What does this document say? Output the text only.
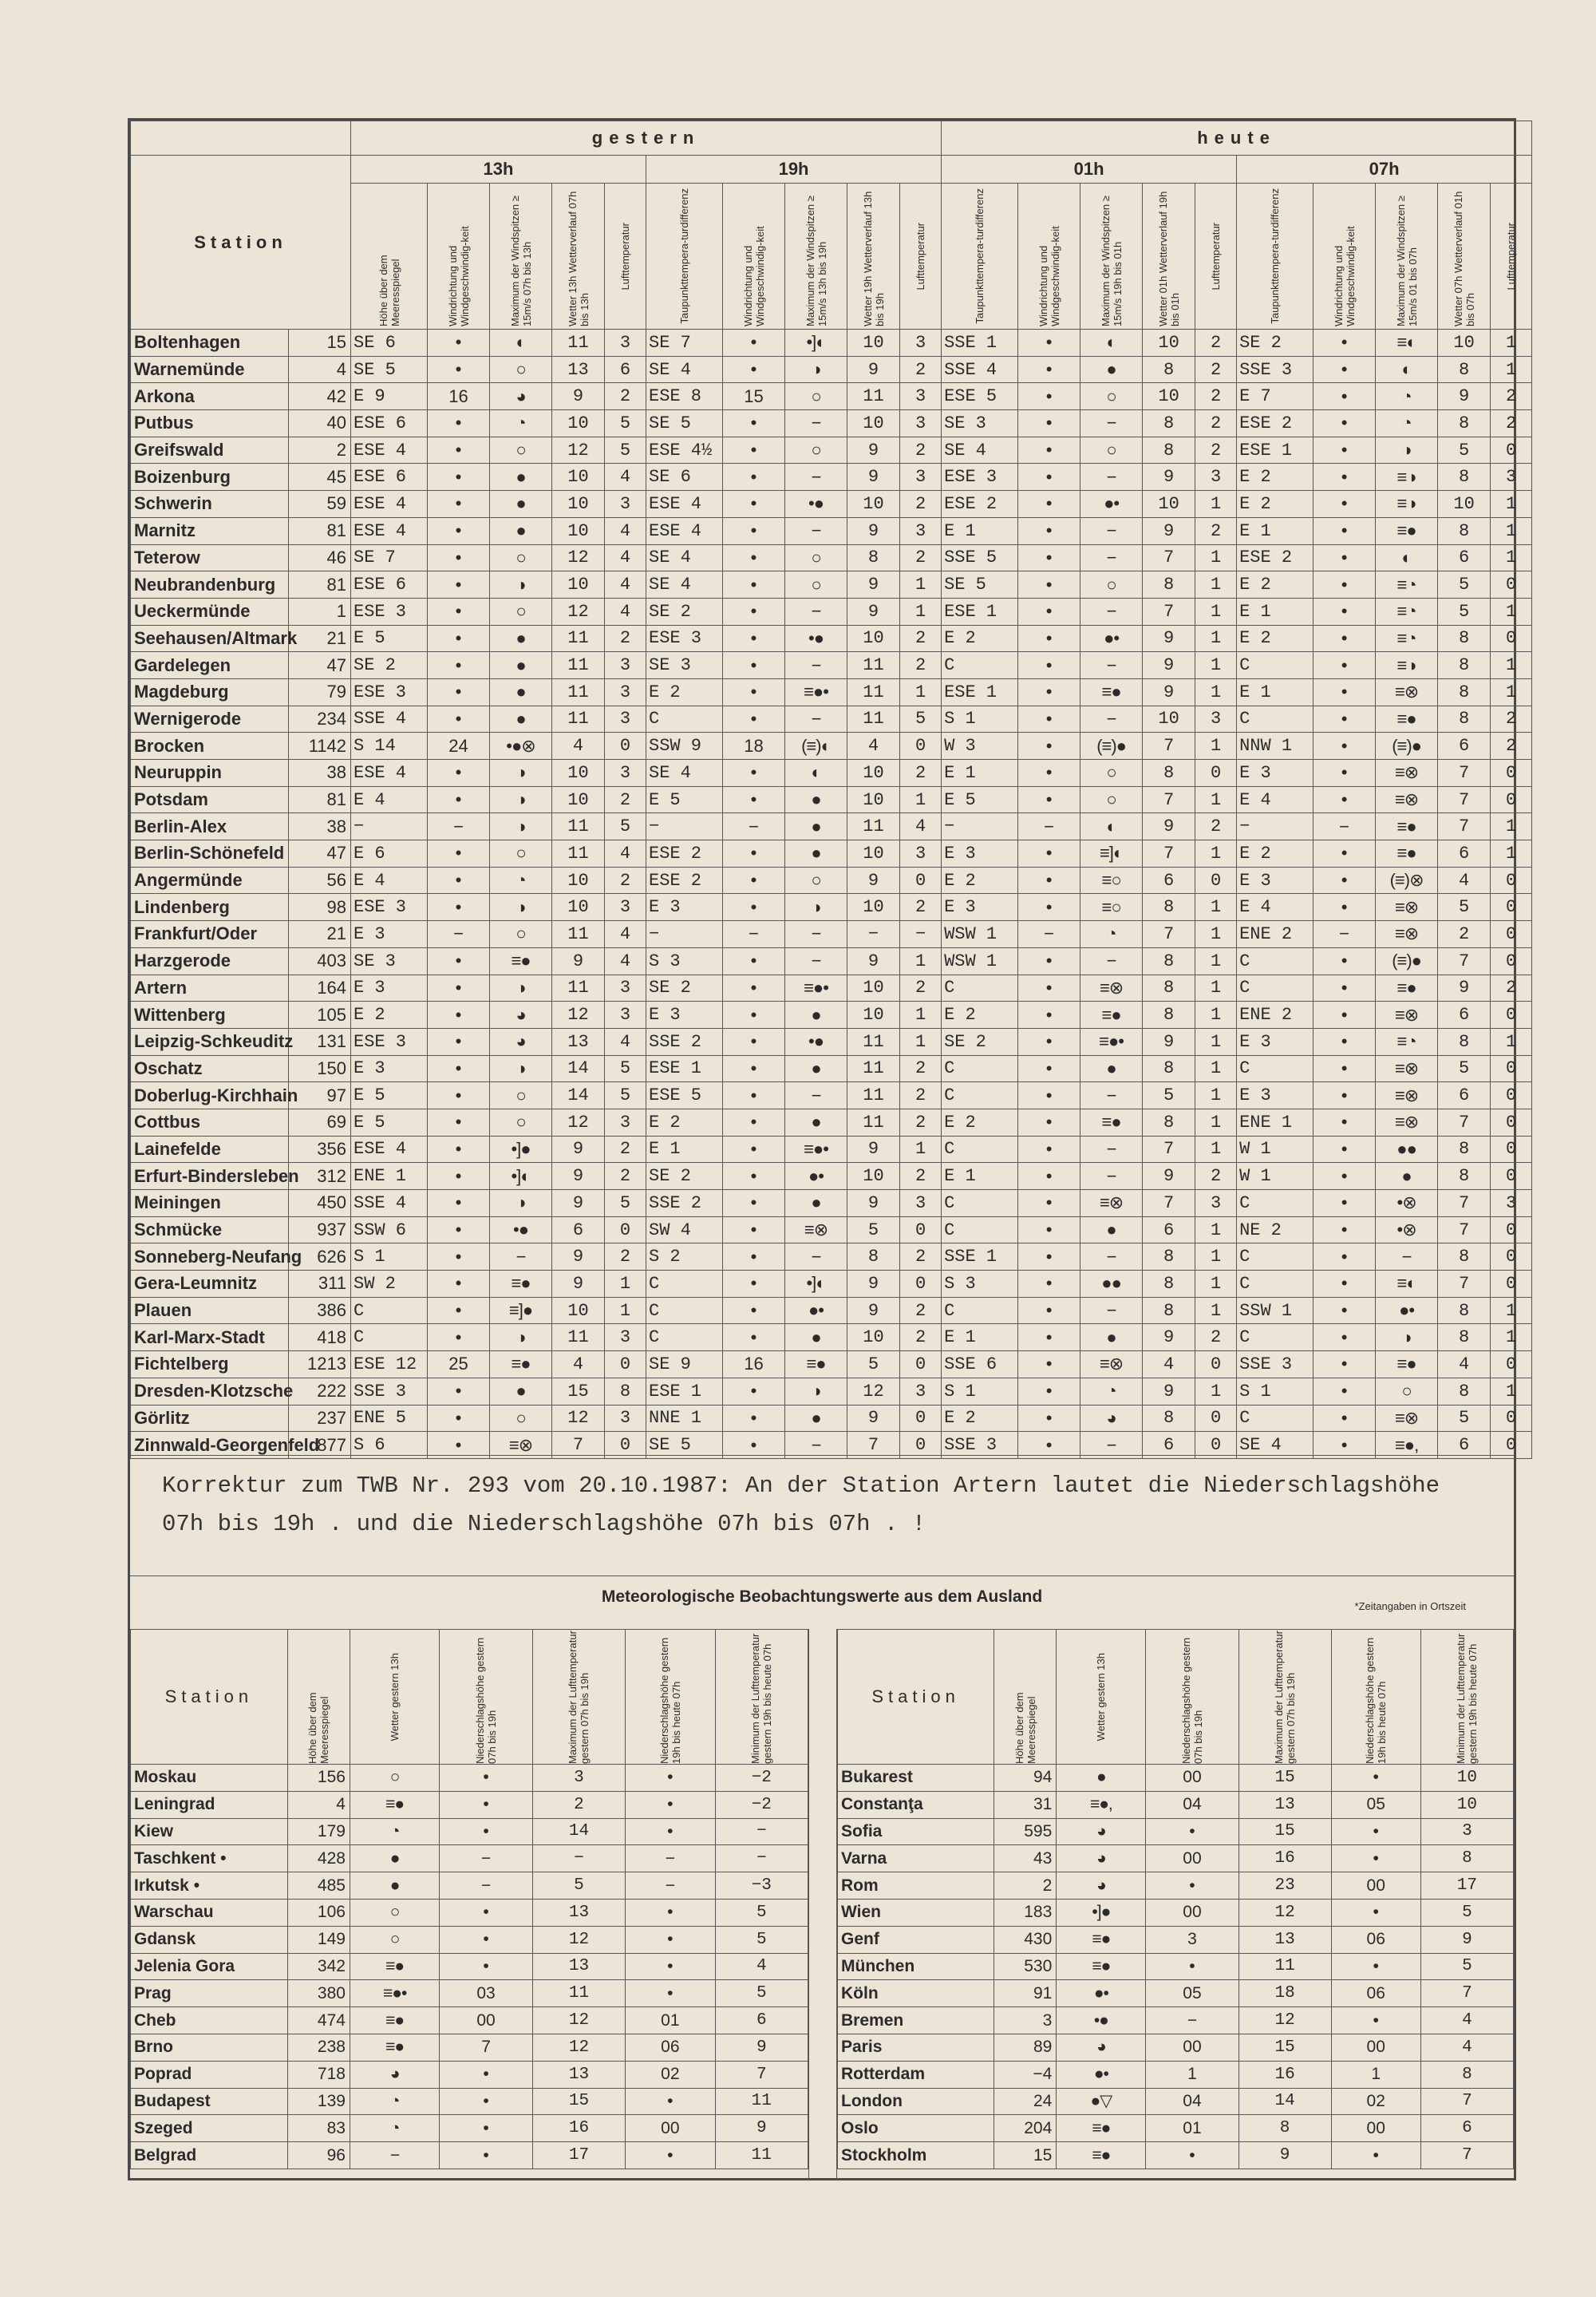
		gestern										heute										
Station		13h					19h					01h					07h					

		Höhe über dem Meeresspiegel	Windrichtung und Windgeschwindig-keit	Maximum der Windspitzen ≥ 15m/s 07h bis 13h	Wetter 13h Wetterverlauf 07h bis 13h	Lufttemperatur	Taupunkttempera-turdifferenz	Windrichtung und Windgeschwindig-keit	Maximum der Windspitzen ≥ 15m/s 13h bis 19h	Wetter 19h Wetterverlauf 13h bis 19h	Lufttemperatur	Taupunkttempera-turdifferenz	Windrichtung und Windgeschwindig-keit	Maximum der Windspitzen ≥ 15m/s 19h bis 01h	Wetter 01h Wetterverlauf 19h bis 01h	Lufttemperatur	Taupunkttempera-turdifferenz	Windrichtung und Windgeschwindig-keit	Maximum der Windspitzen ≥ 15m/s 01 bis 07h	Wetter 07h Wetterverlauf 01h bis 07h	Lufttemperatur

Boltenhagen	15	SE 6	•	◐	11	3	SE 7	•	•]◐	10	3	SSE 1	•	◐	10	2	SE 2	•	≡◐	10	1	
Warnemünde	4	SE 5	•	○	13	6	SE 4	•	◑	9	2	SSE 4	•	●	8	2	SSE 3	•	◐	8	1	
Arkona	42	E 9	16	◕	9	2	ESE 8	15	○	11	3	ESE 5	•	○	10	2	E 7	•	◔	9	2	
Putbus	40	ESE 6	•	◔	10	5	SE 5	•	−	10	3	SE 3	•	−	8	2	ESE 2	•	◔	8	2	
Greifswald	2	ESE 4	•	○	12	5	ESE 4½	•	○	9	2	SE 4	•	○	8	2	ESE 1	•	◑	5	0	
Boizenburg	45	ESE 6	•	●	10	4	SE 6	•	−	9	3	ESE 3	•	−	9	3	E 2	•	≡◑	8	3	
Schwerin	59	ESE 4	•	●	10	3	ESE 4	•	•●	10	2	ESE 2	•	●•	10	1	E 2	•	≡◑	10	1	
Marnitz	81	ESE 4	•	●	10	4	ESE 4	•	−	9	3	E 1	•	−	9	2	E 1	•	≡●	8	1	
Teterow	46	SE 7	•	○	12	4	SE 4	•	○	8	2	SSE 5	•	−	7	1	ESE 2	•	◐	6	1	
Neubrandenburg	81	ESE 6	•	◑	10	4	SE 4	•	○	9	1	SE 5	•	○	8	1	E 2	•	≡◔	5	0	
Ueckermünde	1	ESE 3	•	○	12	4	SE 2	•	−	9	1	ESE 1	•	−	7	1	E 1	•	≡◔	5	1	
Seehausen/Altmark	21	E 5	•	●	11	2	ESE 3	•	•●	10	2	E 2	•	●•	9	1	E 2	•	≡◔	8	0	
Gardelegen	47	SE 2	•	●	11	3	SE 3	•	−	11	2	C	•	−	9	1	C	•	≡◑	8	1	
Magdeburg	79	ESE 3	•	●	11	3	E 2	•	≡●•	11	1	ESE 1	•	≡●	9	1	E 1	•	≡⊗	8	1	
Wernigerode	234	SSE 4	•	●	11	3	C	•	−	11	5	S 1	•	−	10	3	C	•	≡●	8	2	
Brocken	1142	S 14	24	•●⊗	4	0	SSW 9	18	(≡)◐	4	0	W 3	•	(≡)●	7	1	NNW 1	•	(≡)●	6	2	
Neuruppin	38	ESE 4	•	◑	10	3	SE 4	•	◐	10	2	E 1	•	○	8	0	E 3	•	≡⊗	7	0	
Potsdam	81	E 4	•	◑	10	2	E 5	•	●	10	1	E 5	•	○	7	1	E 4	•	≡⊗	7	0	
Berlin-Alex	38	−	−	◑	11	5	−	−	●	11	4	−	−	◐	9	2	−	−	≡●	7	1	
Berlin-Schönefeld	47	E 6	•	○	11	4	ESE 2	•	●	10	3	E 3	•	≡]◐	7	1	E 2	•	≡●	6	1	
Angermünde	56	E 4	•	◔	10	2	ESE 2	•	○	9	0	E 2	•	≡○	6	0	E 3	•	(≡)⊗	4	0	
Lindenberg	98	ESE 3	•	◑	10	3	E 3	•	◑	10	2	E 3	•	≡○	8	1	E 4	•	≡⊗	5	0	
Frankfurt/Oder	21	E 3	−	○	11	4	−	−	−	−	−	WSW 1	−	◔	7	1	ENE 2	−	≡⊗	2	0	
Harzgerode	403	SE 3	•	≡●	9	4	S 3	•	−	9	1	WSW 1	•	−	8	1	C	•	(≡)●	7	0	
Artern	164	E 3	•	◑	11	3	SE 2	•	≡●•	10	2	C	•	≡⊗	8	1	C	•	≡●	9	2	
Wittenberg	105	E 2	•	◕	12	3	E 3	•	●	10	1	E 2	•	≡●	8	1	ENE 2	•	≡⊗	6	0	
Leipzig-Schkeuditz	131	ESE 3	•	◕	13	4	SSE 2	•	•●	11	1	SE 2	•	≡●•	9	1	E 3	•	≡◔	8	1	
Oschatz	150	E 3	•	◑	14	5	ESE 1	•	●	11	2	C	•	●	8	1	C	•	≡⊗	5	0	
Doberlug-Kirchhain	97	E 5	•	○	14	5	ESE 5	•	−	11	2	C	•	−	5	1	E 3	•	≡⊗	6	0	
Cottbus	69	E 5	•	○	12	3	E 2	•	●	11	2	E 2	•	≡●	8	1	ENE 1	•	≡⊗	7	0	
Lainefelde	356	ESE 4	•	•]●	9	2	E 1	•	≡●•	9	1	C	•	−	7	1	W 1	•	●●	8	0	
Erfurt-Bindersleben	312	ENE 1	•	•]◐	9	2	SE 2	•	●•	10	2	E 1	•	−	9	2	W 1	•	●	8	0	
Meiningen	450	SSE 4	•	◑	9	5	SSE 2	•	●	9	3	C	•	≡⊗	7	3	C	•	•⊗	7	3	
Schmücke	937	SSW 6	•	•●	6	0	SW 4	•	≡⊗	5	0	C	•	●	6	1	NE 2	•	•⊗	7	0	
Sonneberg-Neufang	626	S 1	•	−	9	2	S 2	•	−	8	2	SSE 1	•	−	8	1	C	•	−	8	0	
Gera-Leumnitz	311	SW 2	•	≡●	9	1	C	•	•]◐	9	0	S 3	•	●●	8	1	C	•	≡◐	7	0	
Plauen	386	C	•	≡]●	10	1	C	•	●•	9	2	C	•	−	8	1	SSW 1	•	●•	8	1	
Karl-Marx-Stadt	418	C	•	◑	11	3	C	•	●	10	2	E 1	•	●	9	2	C	•	◑	8	1	
Fichtelberg	1213	ESE 12	25	≡●	4	0	SE 9	16	≡●	5	0	SSE 6	•	≡⊗	4	0	SSE 3	•	≡●	4	0	
Dresden-Klotzsche	222	SSE 3	•	●	15	8	ESE 1	•	◑	12	3	S 1	•	◔	9	1	S 1	•	○	8	1	
Görlitz	237	ENE 5	•	○	12	3	NNE 1	•	●	9	0	E 2	•	◕	8	0	C	•	≡⊗	5	0	
Zinnwald-Georgenfeld	877	S 6	•	≡⊗	7	0	SE 5	•	−	7	0	SSE 3	•	−	6	0	SE 4	•	≡●,	6	0	
Korrektur zum TWB Nr. 293 vom 20.10.1987: An der Station Artern lautet die Niederschlagshöhe 07h bis 19h . und die Niederschlagshöhe 07h bis 07h . !
Meteorologische Beobachtungswerte aus dem Ausland
*Zeitangaben in Ortszeit
Station	Höhe über dem Meeresspiegel	Wetter gestern 13h	Niederschlagshöhe gestern 07h bis 19h	Maximum der Lufttemperatur gestern 07h bis 19h	Niederschlagshöhe gestern 19h bis heute 07h	Minimum der Lufttemperatur gestern 19h bis heute 07h

Moskau	156	○	•	3	•	−2
Leningrad	4	≡●	•	2	•	−2
Kiew	179	◔	•	14	•	−
Taschkent •	428	●	−	−	−	−
Irkutsk •	485	●	−	5	−	−3
Warschau	106	○	•	13	•	5
Gdansk	149	○	•	12	•	5
Jelenia Gora	342	≡●	•	13	•	4
Prag	380	≡●•	03	11	•	5
Cheb	474	≡●	00	12	01	6
Brno	238	≡●	7	12	06	9
Poprad	718	◕	•	13	02	7
Budapest	139	◔	•	15	•	11
Szeged	83	◔	•	16	00	9
Belgrad	96	−	•	17	•	11
Station	Höhe über dem Meeresspiegel	Wetter gestern 13h	Niederschlagshöhe gestern 07h bis 19h	Maximum der Lufttemperatur gestern 07h bis 19h	Niederschlagshöhe gestern 19h bis heute 07h	Minimum der Lufttemperatur gestern 19h bis heute 07h

Bukarest	94	●	00	15	•	10
Constanţa	31	≡●,	04	13	05	10
Sofia	595	◕	•	15	•	3
Varna	43	◕	00	16	•	8
Rom	2	◕	•	23	00	17
Wien	183	•]●	00	12	•	5
Genf	430	≡●	3	13	06	9
München	530	≡●	•	11	•	5
Köln	91	●•	05	18	06	7
Bremen	3	•●	−	12	•	4
Paris	89	◕	00	15	00	4
Rotterdam	−4	●•	1	16	1	8
London	24	●▽	04	14	02	7
Oslo	204	≡●	01	8	00	6
Stockholm	15	≡●	•	9	•	7
